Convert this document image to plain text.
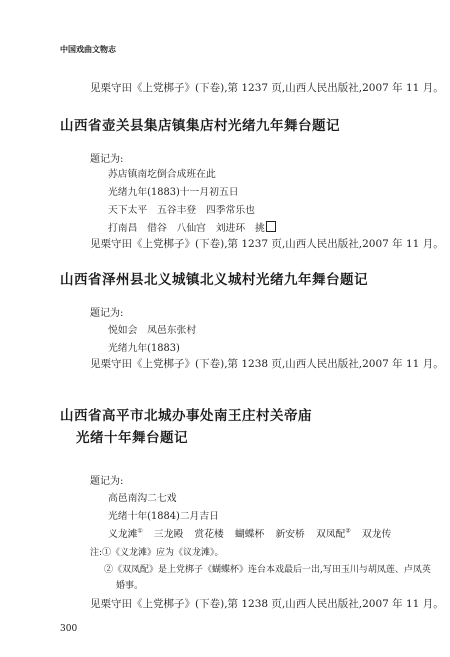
中国戏曲文物志
见栗守田《上党梆子》(下卷),第 1237 页,山西人民出版社,2007 年 11 月。
山西省壶关县集店镇集店村光绪九年舞台题记
题记为:
苏店镇南圪倒合成班在此
光绪九年(1883)十一月初五日
天下太平　五谷丰登　四季常乐也
打南昌　借谷　八仙宫　刘进环　挑
见栗守田《上党梆子》(下卷),第 1237 页,山西人民出版社,2007 年 11 月。
山西省泽州县北义城镇北义城村光绪九年舞台题记
题记为:
悦如会　凤邑东张村
光绪九年(1883)
见栗守田《上党梆子》(下卷),第 1238 页,山西人民出版社,2007 年 11 月。
山西省高平市北城办事处南王庄村关帝庙
光绪十年舞台题记
题记为:
高邑南沟二七戏
光绪十年(1884)二月吉日
义龙滩① 三龙殿 赏花楼 蝴蝶杯 新安桥 双凤配② 双龙传
注:①《义龙滩》应为《议龙滩》。
②《双凤配》是上党梆子《蝴蝶杯》连台本戏最后一出,写田玉川与胡凤莲、卢凤英
婚事。
见栗守田《上党梆子》(下卷),第 1238 页,山西人民出版社,2007 年 11 月。
300
